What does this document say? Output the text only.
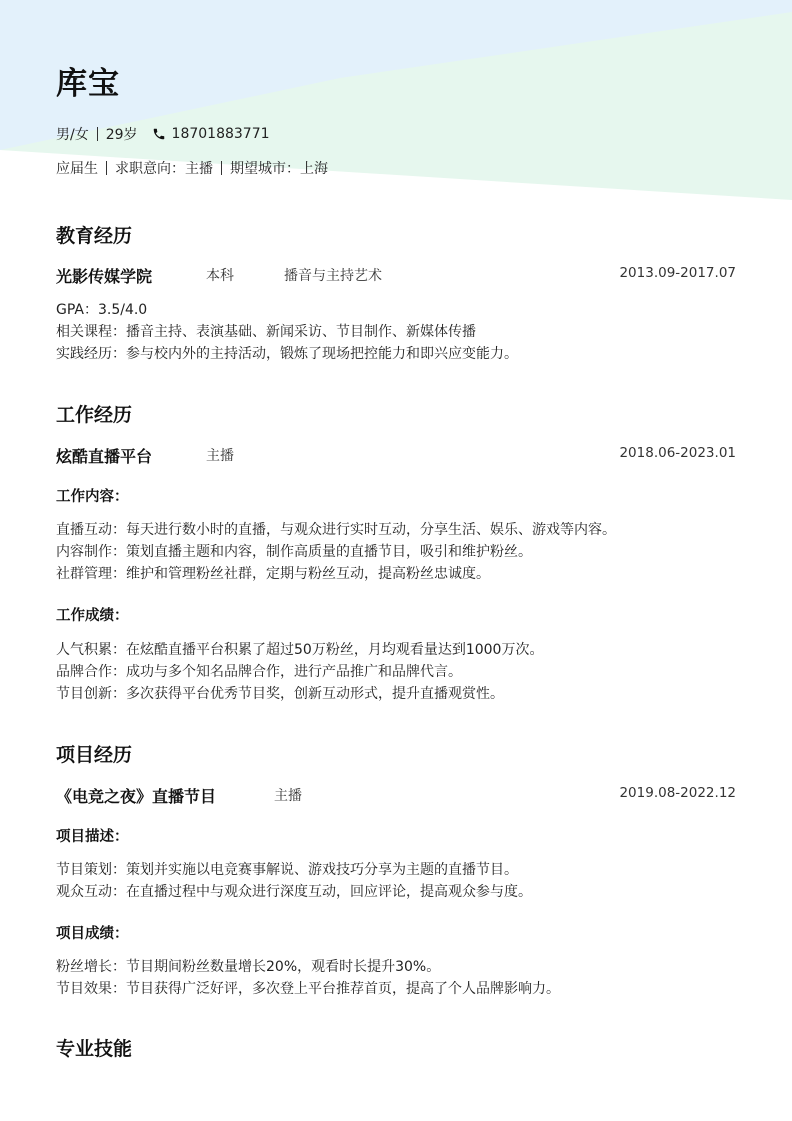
库宝
男/女 29岁 18701883771
应届生 求职意向：主播 期望城市：上海
教育经历
光影传媒学院	本科	播音与主持艺术	2013.09-2017.07
GPA：3.5/4.0
相关课程：播音主持、表演基础、新闻采访、节目制作、新媒体传播
实践经历：参与校内外的主持活动，锻炼了现场把控能力和即兴应变能力。
工作经历
炫酷直播平台	主播	2018.06-2023.01
工作内容：
直播互动：每天进行数小时的直播，与观众进行实时互动，分享生活、娱乐、游戏等内容。
内容制作：策划直播主题和内容，制作高质量的直播节目，吸引和维护粉丝。
社群管理：维护和管理粉丝社群，定期与粉丝互动，提高粉丝忠诚度。
工作成绩：
人气积累：在炫酷直播平台积累了超过50万粉丝，月均观看量达到1000万次。
品牌合作：成功与多个知名品牌合作，进行产品推广和品牌代言。
节目创新：多次获得平台优秀节目奖，创新互动形式，提升直播观赏性。
项目经历
《电竞之夜》直播节目	主播	2019.08-2022.12
项目描述：
节目策划：策划并实施以电竞赛事解说、游戏技巧分享为主题的直播节目。
观众互动：在直播过程中与观众进行深度互动，回应评论，提高观众参与度。
项目成绩：
粉丝增长：节目期间粉丝数量增长20%，观看时长提升30%。
节目效果：节目获得广泛好评，多次登上平台推荐首页，提高了个人品牌影响力。
专业技能
